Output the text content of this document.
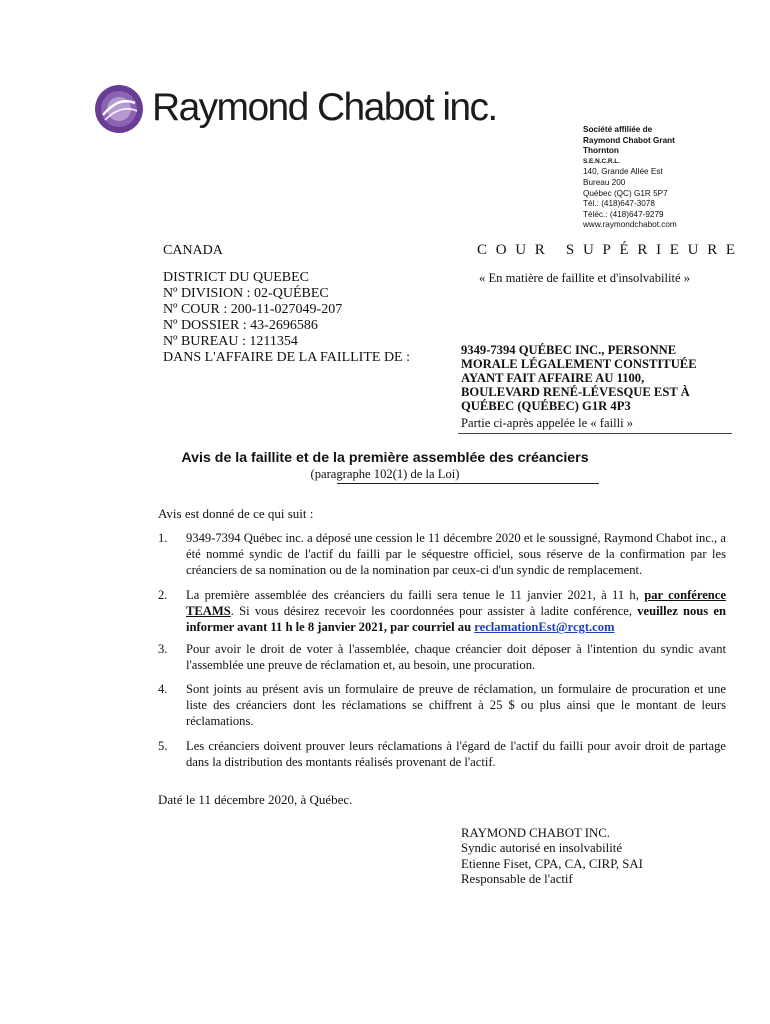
Raymond Chabot inc.
Société affiliée de
Raymond Chabot Grant
Thornton
S.E.N.C.R.L.
140, Grande Allée Est
Bureau 200
Québec (QC) G1R 5P7
Tél.: (418)647-3078
Téléc.: (418)647-9279
www.raymondchabot.com
CANADA	COUR SUPÉRIEURE
DISTRICT DU QUEBEC
Nº DIVISION : 02-QUÉBEC
Nº COUR : 200-11-027049-207
Nº DOSSIER : 43-2696586
Nº BUREAU : 1211354
DANS L'AFFAIRE DE LA FAILLITE DE :
« En matière de faillite et d'insolvabilité »
9349-7394 QUÉBEC INC., PERSONNE
MORALE LÉGALEMENT CONSTITUÉE
AYANT FAIT AFFAIRE AU 1100,
BOULEVARD RENÉ-LÉVESQUE EST À
QUÉBEC (QUÉBEC) G1R 4P3
Partie ci-après appelée le « failli »
Avis de la faillite et de la première assemblée des créanciers
(paragraphe 102(1) de la Loi)
Avis est donné de ce qui suit :
1. 9349-7394 Québec inc. a déposé une cession le 11 décembre 2020 et le soussigné, Raymond Chabot inc., a été nommé syndic de l'actif du failli par le séquestre officiel, sous réserve de la confirmation par les créanciers de sa nomination ou de la nomination par ceux-ci d'un syndic de remplacement.
2. La première assemblée des créanciers du failli sera tenue le 11 janvier 2021, à 11 h, par conférence TEAMS. Si vous désirez recevoir les coordonnées pour assister à ladite conférence, veuillez nous en informer avant 11 h le 8 janvier 2021, par courriel au reclamationEst@rcgt.com
3. Pour avoir le droit de voter à l'assemblée, chaque créancier doit déposer à l'intention du syndic avant l'assemblée une preuve de réclamation et, au besoin, une procuration.
4. Sont joints au présent avis un formulaire de preuve de réclamation, un formulaire de procuration et une liste des créanciers dont les réclamations se chiffrent à 25 $ ou plus ainsi que le montant de leurs réclamations.
5. Les créanciers doivent prouver leurs réclamations à l'égard de l'actif du failli pour avoir droit de partage dans la distribution des montants réalisés provenant de l'actif.
Daté le 11 décembre 2020, à Québec.
RAYMOND CHABOT INC.
Syndic autorisé en insolvabilité
Etienne Fiset, CPA, CA, CIRP, SAI
Responsable de l'actif
